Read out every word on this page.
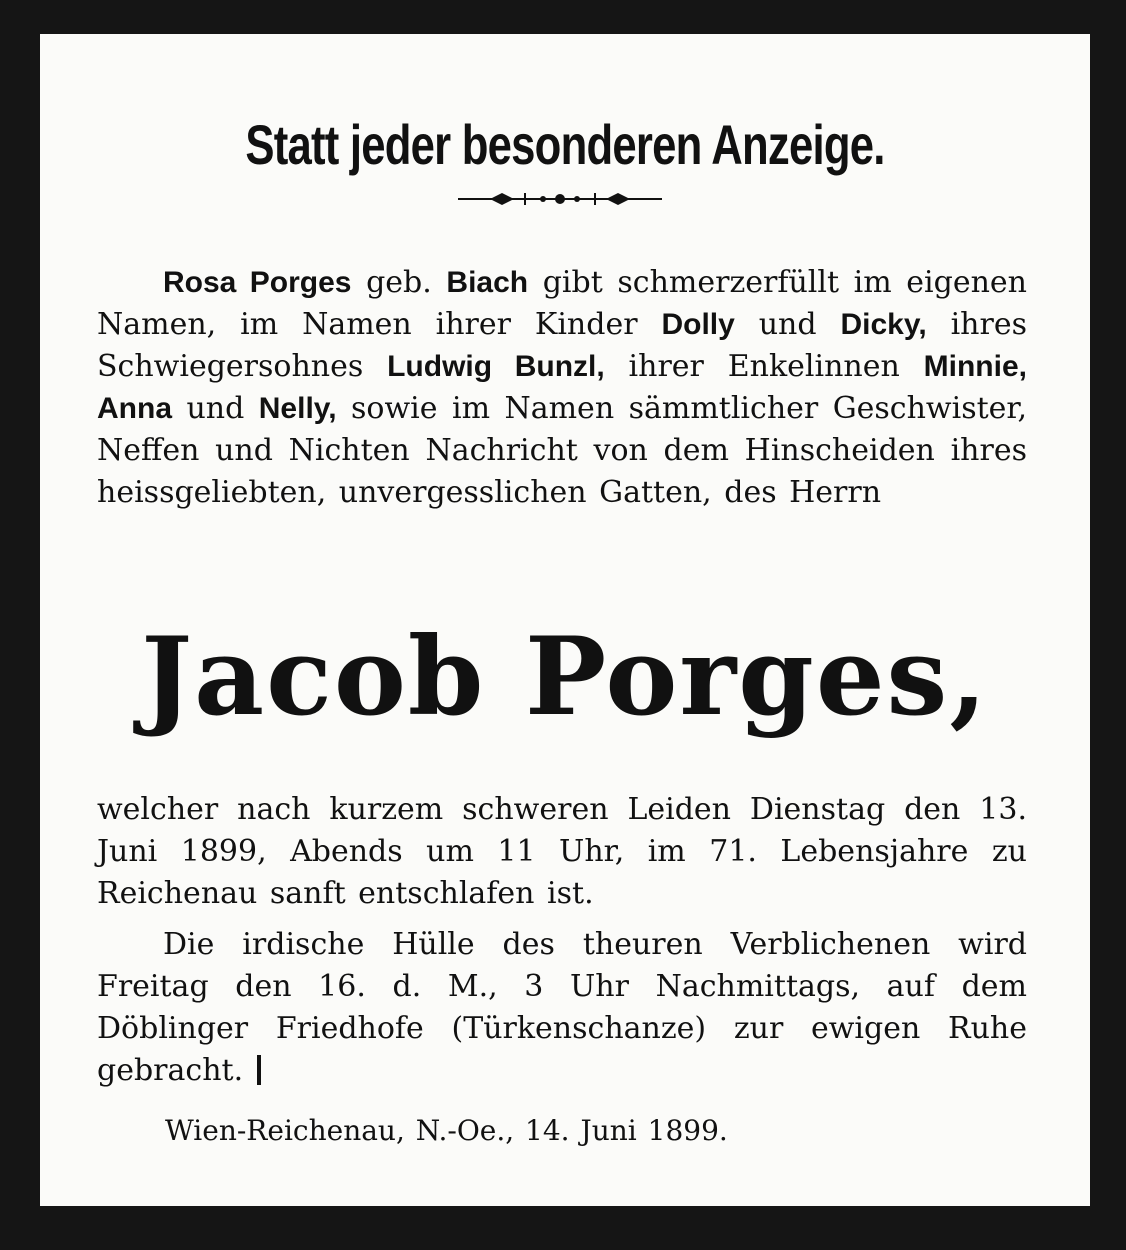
Statt jeder besonderen Anzeige.
Rosa Porges geb. Biach gibt schmerzerfüllt im eigenen Namen, im Namen ihrer Kinder Dolly und Dicky, ihres Schwiegersohnes Ludwig Bunzl, ihrer Enkelinnen Minnie, Anna und Nelly, sowie im Namen sämmtlicher Geschwister, Neffen und Nichten Nachricht von dem Hinscheiden ihres heissgeliebten, unvergesslichen Gatten, des Herrn
Jacob Porges,
welcher nach kurzem schweren Leiden Dienstag den 13. Juni 1899, Abends um 11 Uhr, im 71. Lebensjahre zu Reichenau sanft entschlafen ist.
Die irdische Hülle des theuren Verblichenen wird Freitag den 16. d. M., 3 Uhr Nachmittags, auf dem Döblinger Friedhofe (Türkenschanze) zur ewigen Ruhe gebracht.
Wien-Reichenau, N.-Oe., 14. Juni 1899.
